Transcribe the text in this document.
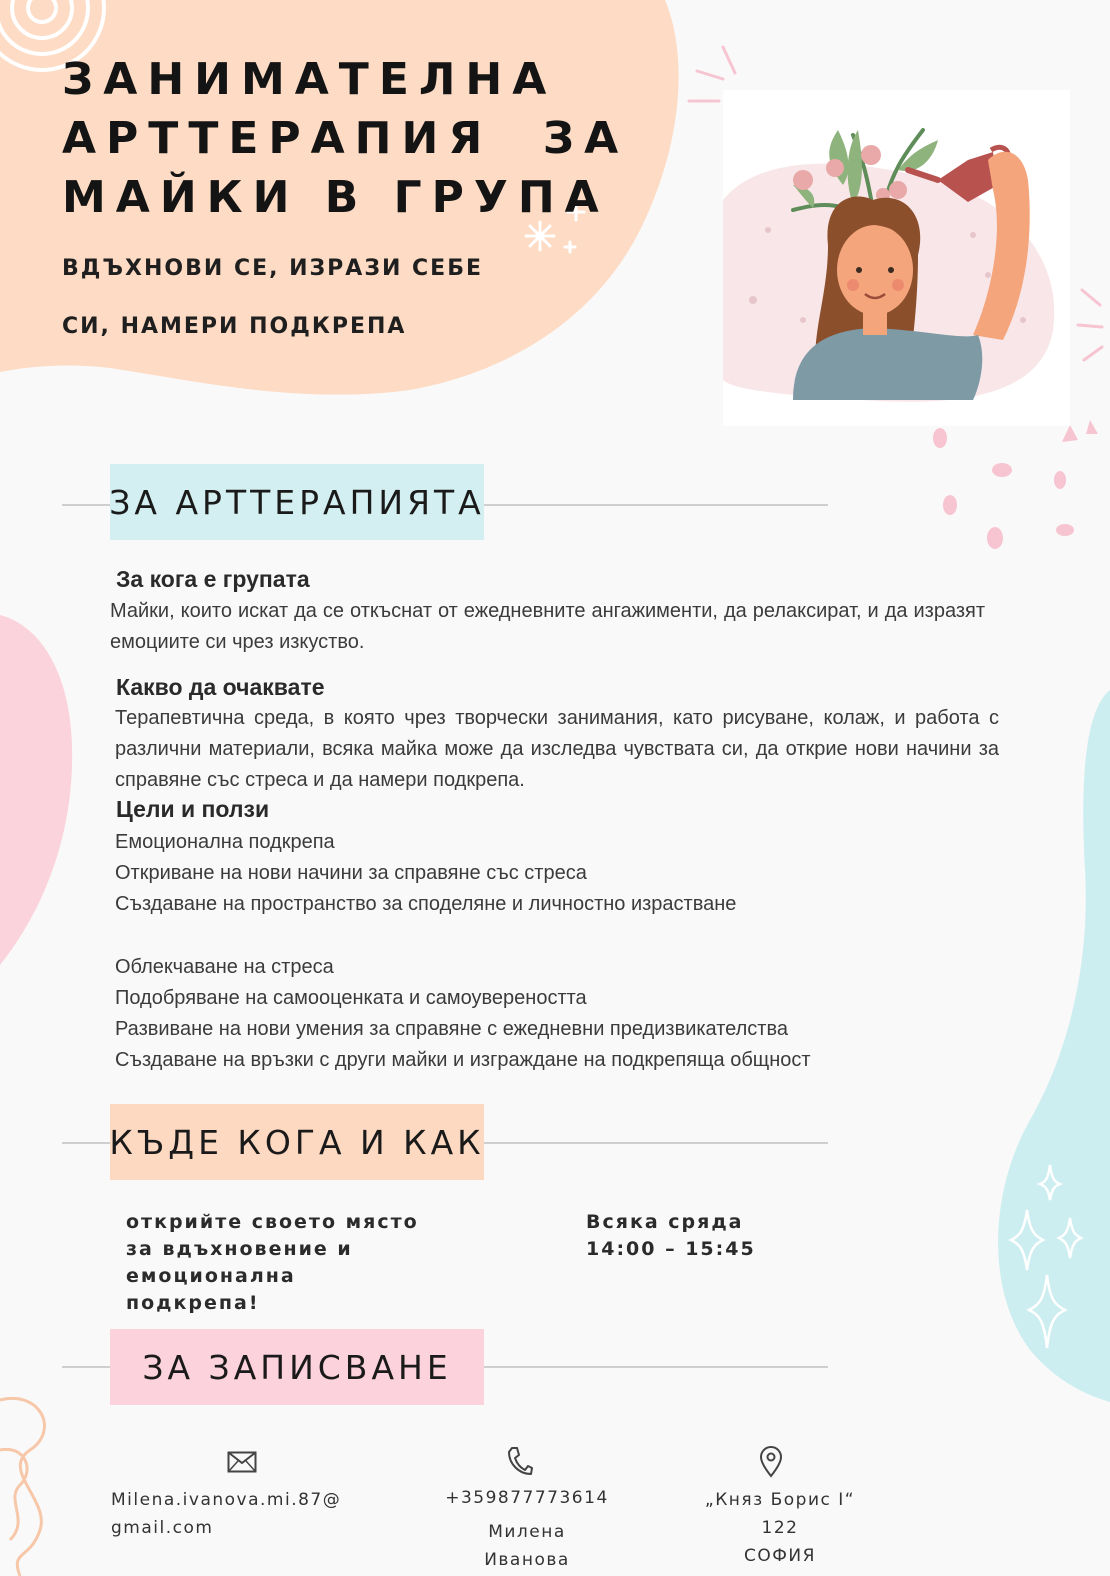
ЗАНИМАТЕЛНА
АРТТЕРАПИЯ  ЗА
МАЙКИ В ГРУПА
ВДЪХНОВИ СЕ, ИЗРАЗИ СЕБЕ
СИ, НАМЕРИ ПОДКРЕПА
ЗА АРТТЕРАПИЯТА
За кога е групата
Майки, които искат да се откъснат от ежедневните ангажименти, да релаксират, и да изразят емоциите си чрез изкуство.
Какво да очаквате
Терапевтична среда, в която чрез творчески занимания, като рисуване, колаж, и работа с различни материали, всяка майка може да изследва чувствата си, да открие нови начини за справяне със стреса и да намери подкрепа.
Цели и ползи
Емоционална подкрепа
Откриване на нови начини за справяне със стреса
Създаване на пространство за споделяне и личностно израстване
Облекчаване на стреса
Подобряване на самооценката и самоувереността
Развиване на нови умения за справяне с ежедневни предизвикателства
Създаване на връзки с други майки и изграждане на подкрепяща общност
КЪДЕ КОГА И КАК
открийте своето място
за вдъхновение и
емоционална
подкрепа!
Всяка сряда
14:00 – 15:45
ЗА ЗАПИСВАНЕ
Milena.ivanova.mi.87@
gmail.com
+359877773614
Милена Иванова
„Княз Борис I“ 122
СОФИЯ
